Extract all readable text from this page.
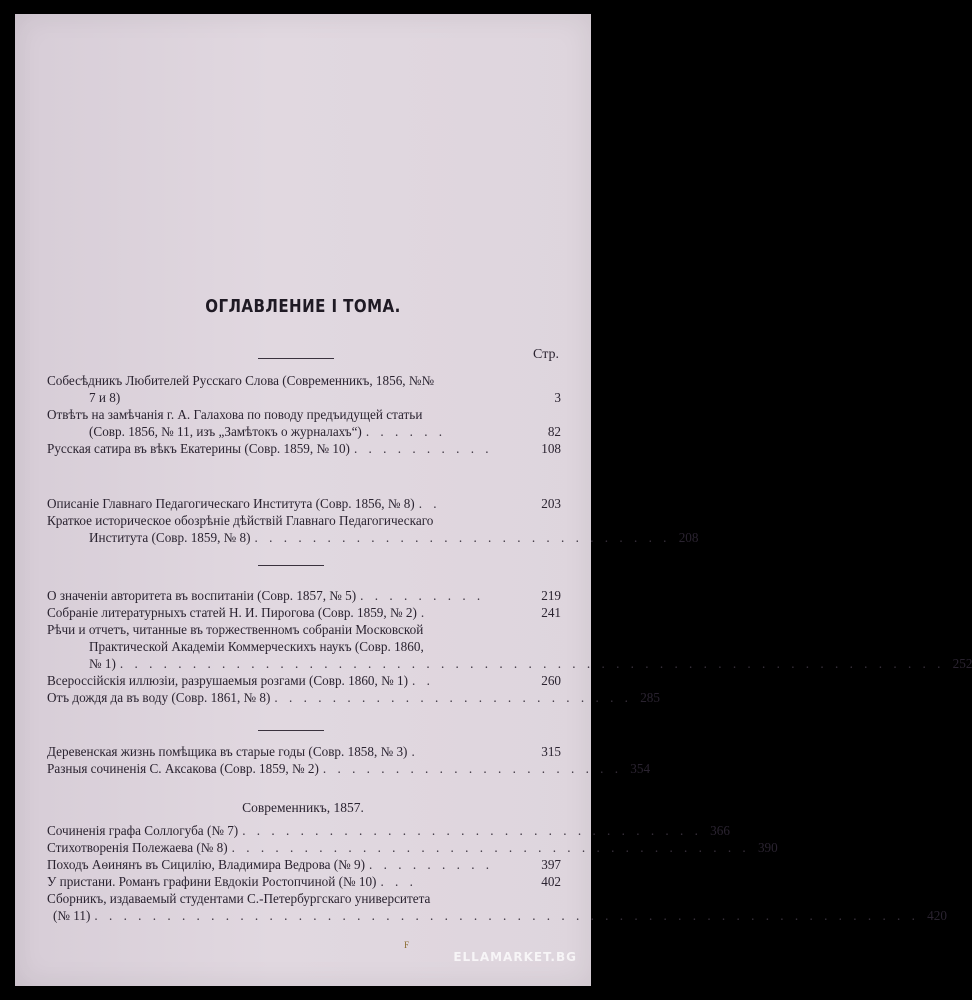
ОГЛАВЛЕНИЕ I ТОМА.
Стр.
Собесѣдникъ Любителей Русскаго Слова (Современникъ, 1856, №№
7 и 8)
	3
Отвѣтъ на замѣчанія г. А. Галахова по поводу предъидущей статьи
(Совр. 1856, № 11, изъ „Замѣтокъ о журналахъ“) . . . . . .	82
Русская сатира въ вѣкъ Екатерины (Совр. 1859, № 10) . . . . . . . . . .	108
Описаніе Главнаго Педагогическаго Института (Совр. 1856, № 8) . .	203
Краткое историческое обозрѣніе дѣйствій Главнаго Педагогическаго
Института (Совр. 1859, № 8) . . . . . . . . . . . . . . . . . . . . . . . . . . . . . 208
О значеніи авторитета въ воспитаніи (Совр. 1857, № 5) . . . . . . . . .	219
Собраніе литературныхъ статей Н. И. Пирогова (Совр. 1859, № 2) .	241
Рѣчи и отчетъ, читанные въ торжественномъ собраніи Московской
Практической Академіи Коммерческихъ наукъ (Совр. 1860,
№ 1) . . . . . . . . . . . . . . . . . . . . . . . . . . . . . . . . . . . . . . . . . . . . . . . . . . . . . . . . . 252
Всероссійскія иллюзіи, разрушаемыя розгами (Совр. 1860, № 1) . .	260
Отъ дождя да въ воду (Совр. 1861, № 8) . . . . . . . . . . . . . . . . . . . . . . . . . 285
Деревенская жизнь помѣщика въ старые годы (Совр. 1858, № 3) .	315
Разныя сочиненія С. Аксакова (Совр. 1859, № 2) . . . . . . . . . . . . . . . . . . . . . 354
Современникъ, 1857.
Сочиненія графа Соллогуба (№ 7) . . . . . . . . . . . . . . . . . . . . . . . . . . . . . . . . 366
Стихотворенія Полежаева (№ 8) . . . . . . . . . . . . . . . . . . . . . . . . . . . . . . . . . . . . 390
Походъ Аѳинянъ въ Сицилію, Владимира Ведрова (№ 9) . . . . . . . . .	397
У пристани. Романъ графини Евдокіи Ростопчиной (№ 10) . . .	402
Сборникъ, издаваемый студентами С.-Петербургскаго университета
(№ 11) . . . . . . . . . . . . . . . . . . . . . . . . . . . . . . . . . . . . . . . . . . . . . . . . . . . . . . . . . 420
F
ELLAMARKET.BG
